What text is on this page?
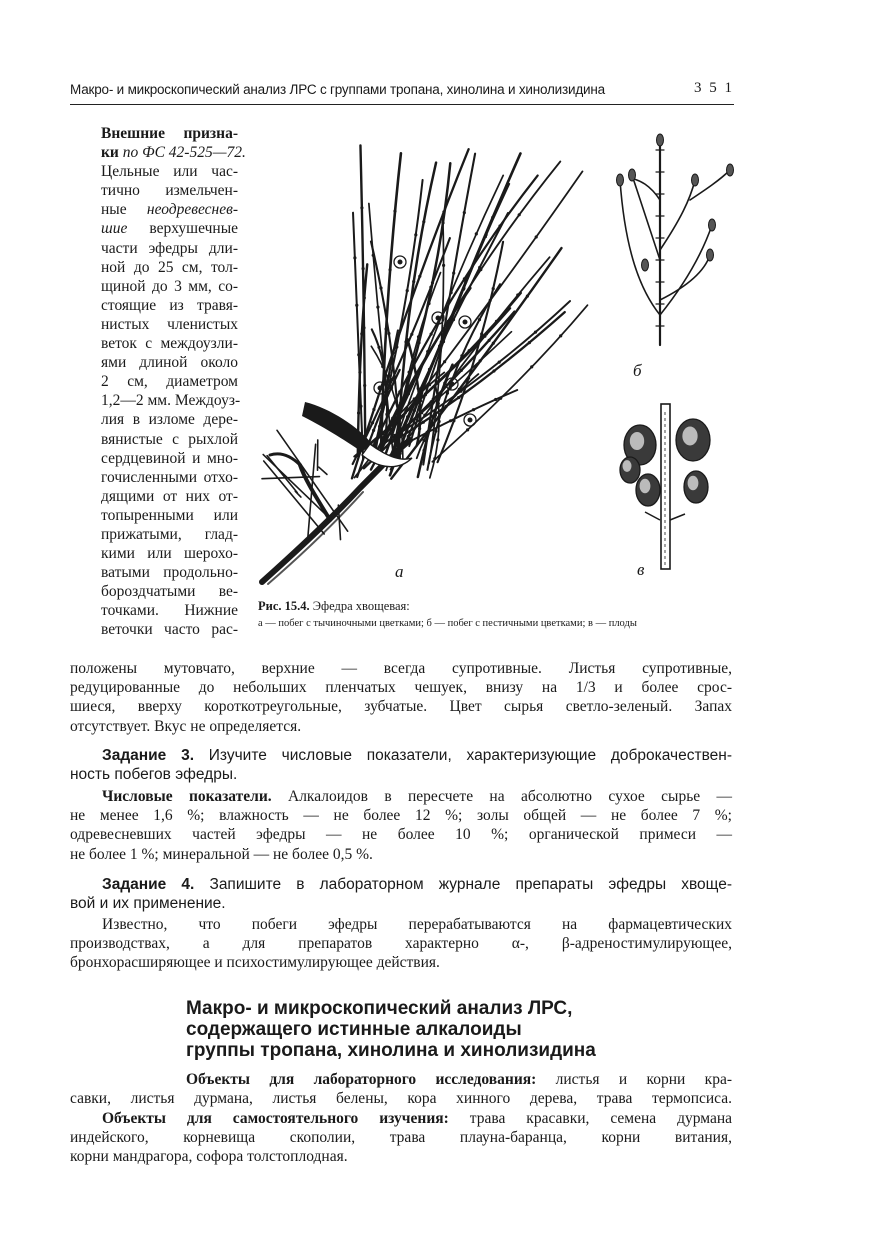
Макро- и микроскопический анализ ЛРС с группами тропана, хинолина и хинолизидина	3 5 1
Внешние призна-
ки по ФС 42-525—72.
Цельные или час-
тично измельчен-
ные неодревеснев-
шие верхушечные
части эфедры дли-
ной до 25 см, тол-
щиной до 3 мм, со-
стоящие из травя-
нистых членистых
веток с междоузли-
ями длиной около
2 см, диаметром
1,2—2 мм. Междоуз-
лия в изломе дере-
вянистые с рыхлой
сердцевиной и мно-
гочисленными отхо-
дящими от них от-
топыренными или
прижатыми, глад-
кими или шерохо-
ватыми продольно-
бороздчатыми ве-
точками. Нижние
веточки часто рас-
а
б
в
Рис. 15.4. Эфедра хвощевая:
а — побег с тычиночными цветками; б — побег с пестичными цветками; в — плоды
положены мутовчато, верхние — всегда супротивные. Листья супротивные,
редуцированные до небольших пленчатых чешуек, внизу на 1/3 и более срос-
шиеся, вверху короткотреугольные, зубчатые. Цвет сырья светло-зеленый. Запах
отсутствует. Вкус не определяется.
Задание 3. Изучите числовые показатели, характеризующие доброкачествен-
ность побегов эфедры.
Числовые показатели. Алкалоидов в пересчете на абсолютно сухое сырье —
не менее 1,6 %; влажность — не более 12 %; золы общей — не более 7 %;
одревесневших частей эфедры — не более 10 %; органической примеси —
не более 1 %; минеральной — не более 0,5 %.
Задание 4. Запишите в лабораторном журнале препараты эфедры хвоще-
вой и их применение.
Известно, что побеги эфедры перерабатываются на фармацевтических
производствах, а для препаратов характерно α-, β-адреностимулирующее,
бронхорасширяющее и психостимулирующее действия.
Макро- и микроскопический анализ ЛРС,
содержащего истинные алкалоиды
группы тропана, хинолина и хинолизидина
Объекты для лабораторного исследования: листья и корни кра-
савки, листья дурмана, листья белены, кора хинного дерева, трава термопсиса.
Объекты для самостоятельного изучения: трава красавки, семена дурмана
индейского, корневища скополии, трава плауна-баранца, корни витания,
корни мандрагора, софора толстоплодная.
